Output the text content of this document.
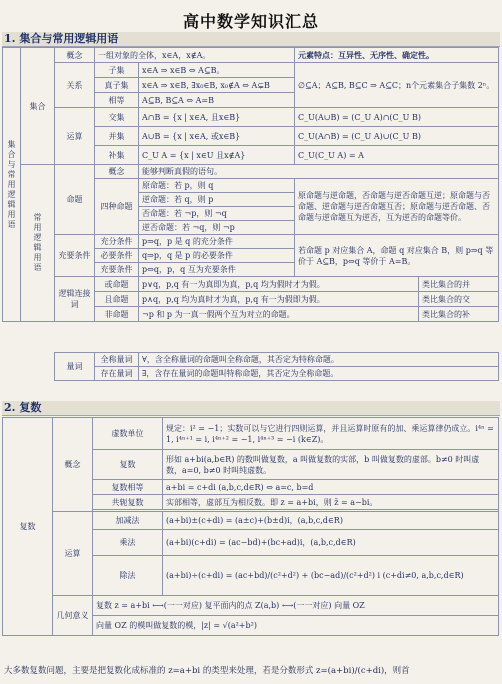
高中数学知识汇总
1. 集合与常用逻辑用语
集合与常用逻辑用语	集合	概念	一组对象的全体，x∈A，x∉A。		元素特点：互异性、无序性、确定性。	
		关系	子集	x∈A ⇒ x∈B ⇔ A⊆B。	∅⊆A；A⊆B, B⊆C ⇒ A⊆C；n个元素集合子集数 2ⁿ。	
			真子集	x∈A ⇒ x∈B, ∃x₀∈B, x₀∉A ⇔ A⊊B		
			相等	A⊆B, B⊆A ⇔ A=B		
		运算	交集	A∩B = {x | x∈A, 且x∈B}	C_U(A∪B) = (C_U A)∩(C_U B)	
			并集	A∪B = {x | x∈A, 或x∈B}	C_U(A∩B) = (C_U A)∪(C_U B)	
			补集	C_U A = {x | x∈U 且x∉A}	C_U(C_U A) = A	
	常用逻辑用语	命题	概念	能够判断真假的语句。		
			四种命题	原命题：若 p，则 q	原命题与逆命题，否命题与逆否命题互逆；原命题与否命题、逆命题与逆否命题互否；原命题与逆否命题、否命题与逆命题互为逆否，互为逆否的命题等价。	
				逆命题：若 q，则 p		
				否命题：若 ¬p，则 ¬q		
				逆否命题：若 ¬q，则 ¬p		
		充要条件	充分条件	p⇒q，p 是 q 的充分条件	若命题 p 对应集合 A，命题 q 对应集合 B，则 p⇒q 等价于 A⊆B，p⇔q 等价于 A=B。	
			必要条件	q⇒p，q 是 p 的必要条件		
			充要条件	p⇔q，p，q 互为充要条件		
		逻辑连接词	或命题	p∨q，p,q 有一为真即为真，p,q 均为假时才为假。		类比集合的并
			且命题	p∧q，p,q 均为真时才为真，p,q 有一为假即为假。		类比集合的交
			非命题	¬p 和 p 为一真一假两个互为对立的命题。		类比集合的补
量词	全称量词	∀，含全称量词的命题叫全称命题，其否定为特称命题。
	存在量词	∃，含存在量词的命题叫特称命题，其否定为全称命题。
2. 复数
复数	概念	虚数单位	规定：i² = −1；实数可以与它进行四则运算，并且运算时原有的加、乘运算律仍成立。i⁴ⁿ = 1, i⁴ⁿ⁺¹ = i, i⁴ⁿ⁺² = −1, i⁴ⁿ⁺³ = −i (k∈Z)。
		复数	形如 a+bi(a,b∈R) 的数叫做复数，a 叫做复数的实部，b 叫做复数的虚部。b≠0 时叫虚数，a=0, b≠0 时叫纯虚数。
		复数相等	a+bi = c+di (a,b,c,d∈R) ⇔ a=c, b=d
		共轭复数	实部相等，虚部互为相反数。即 z = a+bi，则 z̄ = a−bi。

	运算	加减法	(a+bi)±(c+di) = (a±c)+(b±d)i，(a,b,c,d∈R)
		乘法	(a+bi)(c+di) = (ac−bd)+(bc+ad)i，(a,b,c,d∈R)
		除法	(a+bi)÷(c+di) = (ac+bd)/(c²+d²) + (bc−ad)/(c²+d²) i (c+di≠0, a,b,c,d∈R)
	几何意义	复数 z = a+bi ⟷(一一对应) 复平面内的点 Z(a,b) ⟷(一一对应) 向量 OZ	
		向量 OZ 的模叫做复数的模，|z| = √(a²+b²)	
大多数复数问题，主要是把复数化成标准的 z=a+bi 的类型来处理，若是分数形式 z=(a+bi)/(c+di)，则首
